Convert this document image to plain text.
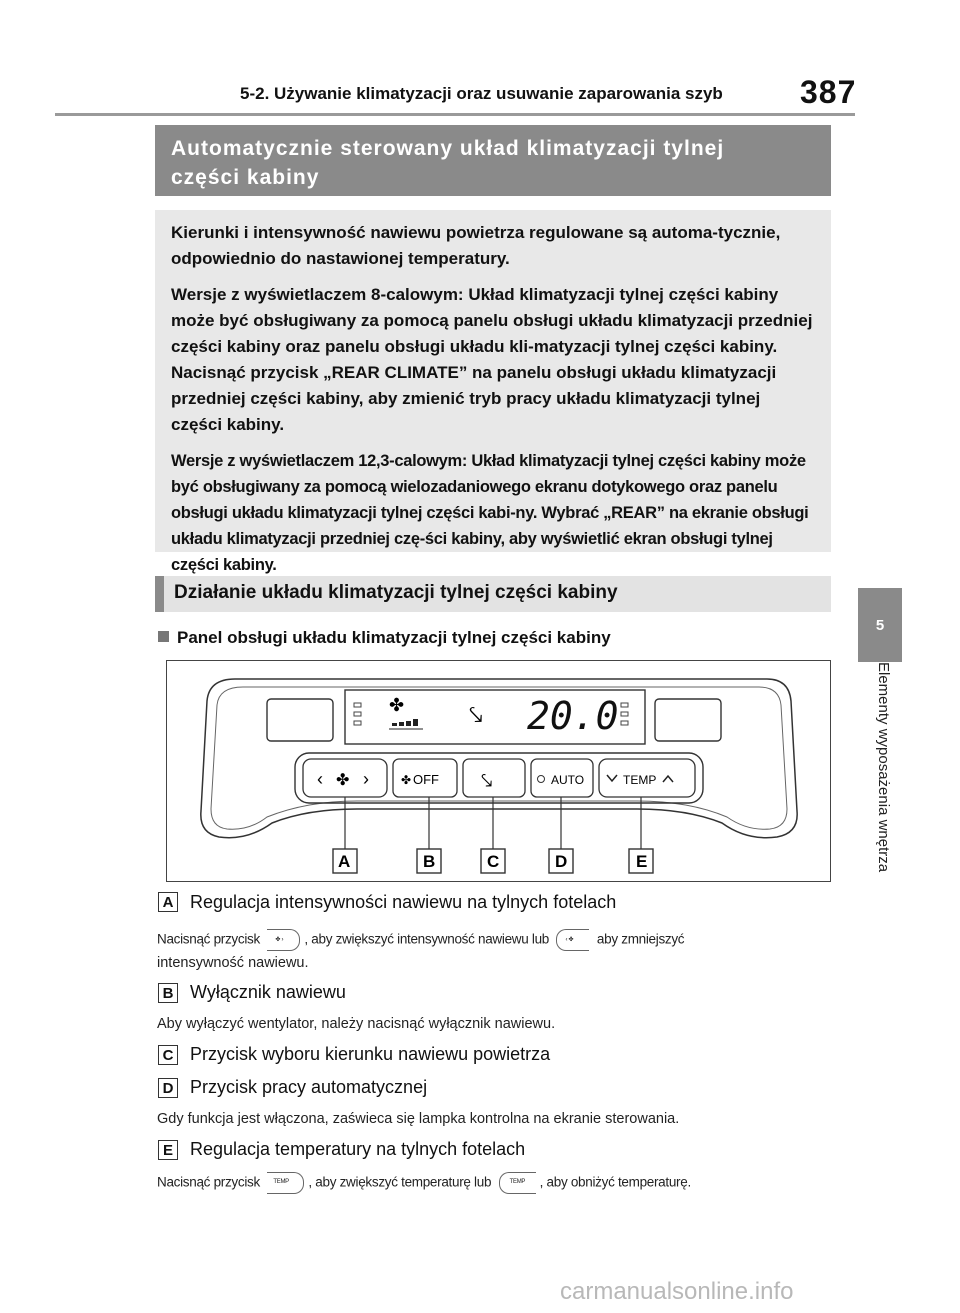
5-2. Używanie klimatyzacji oraz usuwanie zaparowania szyb 387
5
Elementy wyposażenia wnętrza
Automatycznie sterowany układ klimatyzacji tylnej
części kabiny

Kierunki i intensywność nawiewu powietrza regulowane są automa-tycznie, odpowiednio do nastawionej temperatury.

Wersje z wyświetlaczem 8-calowym: Układ klimatyzacji tylnej części kabiny może być obsługiwany za pomocą panelu obsługi układu klimatyzacji przedniej części kabiny oraz panelu obsługi układu kli-matyzacji tylnej części kabiny. Nacisnąć przycisk „REAR CLIMATE” na panelu obsługi układu klimatyzacji przedniej części kabiny, aby zmienić tryb pracy układu klimatyzacji tylnej części kabiny.

Wersje z wyświetlaczem 12,3-calowym: Układ klimatyzacji tylnej części kabiny może być obsługiwany za pomocą wielozadaniowego ekranu dotykowego oraz panelu obsługi układu klimatyzacji tylnej części kabi-ny. Wybrać „REAR” na ekranie obsługi układu klimatyzacji przedniej czę-ści kabiny, aby wyświetlić ekran obsługi tylnej części kabiny.

Działanie układu klimatyzacji tylnej części kabiny
Panel obsługi układu klimatyzacji tylnej części kabiny
✤	⤥ 20.0
‹ ✤ ›	✤ OFF ⤥	AUTO	TEMP
A	B	C	D	E
A Regulacja intensywności nawiewu na tylnych fotelach
Nacisnąć przycisk	✤ › , aby zwiększyć intensywność nawiewu lub	‹ ✤ aby zmniejszyć
intensywność nawiewu.
B Wyłącznik nawiewu
Aby wyłączyć wentylator, należy nacisnąć wyłącznik nawiewu.
C Przycisk wyboru kierunku nawiewu powietrza
D Przycisk pracy automatycznej
Gdy funkcja jest włączona, zaświeca się lampka kontrolna na ekranie sterowania.
E Regulacja temperatury na tylnych fotelach
Nacisnąć przycisk TEMP , aby zwiększyć temperaturę lub	TEMP , aby obniżyć temperaturę.
carmanualsonline.info
